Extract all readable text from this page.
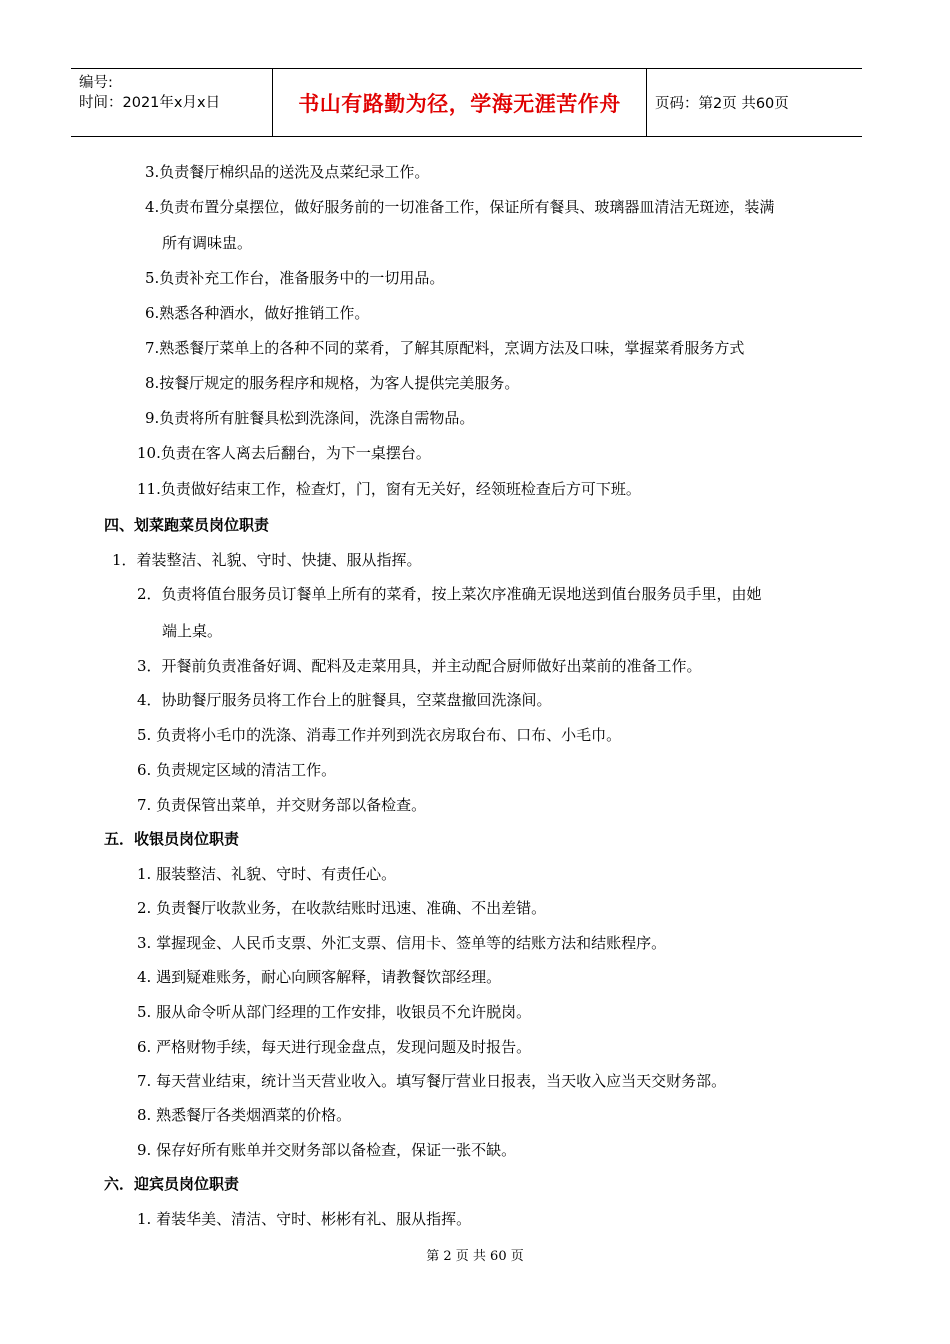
编号:
时间：2021年x月x日	书山有路勤为径，学海无涯苦作舟	页码：第2页 共60页
3.负责餐厅棉织品的送洗及点菜纪录工作。
4.负责布置分桌摆位，做好服务前的一切准备工作，保证所有餐具、玻璃器皿清洁无斑迹，装满
所有调味盅。
5.负责补充工作台，准备服务中的一切用品。
6.熟悉各种酒水，做好推销工作。
7.熟悉餐厅菜单上的各种不同的菜肴，了解其原配料，烹调方法及口味，掌握菜肴服务方式
8.按餐厅规定的服务程序和规格，为客人提供完美服务。
9.负责将所有脏餐具松到洗涤间，洗涤自需物品。
10.负责在客人离去后翻台，为下一桌摆台。
11.负责做好结束工作，检查灯，门，窗有无关好，经领班检查后方可下班。
四、划菜跑菜员岗位职责
1．着装整洁、礼貌、守时、快捷、服从指挥。
2．负责将值台服务员订餐单上所有的菜肴，按上菜次序准确无误地送到值台服务员手里，由她
端上桌。
3．开餐前负责准备好调、配料及走菜用具，并主动配合厨师做好出菜前的准备工作。
4．协助餐厅服务员将工作台上的脏餐具，空菜盘撤回洗涤间。
5. 负责将小毛巾的洗涤、消毒工作并列到洗衣房取台布、口布、小毛巾。
6. 负责规定区域的清洁工作。
7. 负责保管出菜单，并交财务部以备检查。
五．收银员岗位职责
1. 服装整洁、礼貌、守时、有责任心。
2. 负责餐厅收款业务，在收款结账时迅速、准确、不出差错。
3. 掌握现金、人民币支票、外汇支票、信用卡、签单等的结账方法和结账程序。
4. 遇到疑难账务，耐心向顾客解释，请教餐饮部经理。
5. 服从命令听从部门经理的工作安排，收银员不允许脱岗。
6. 严格财物手续，每天进行现金盘点，发现问题及时报告。
7. 每天营业结束，统计当天营业收入。填写餐厅营业日报表，当天收入应当天交财务部。
8. 熟悉餐厅各类烟酒菜的价格。
9. 保存好所有账单并交财务部以备检查，保证一张不缺。
六．迎宾员岗位职责
1. 着装华美、清洁、守时、彬彬有礼、服从指挥。
第 2 页 共 60 页
